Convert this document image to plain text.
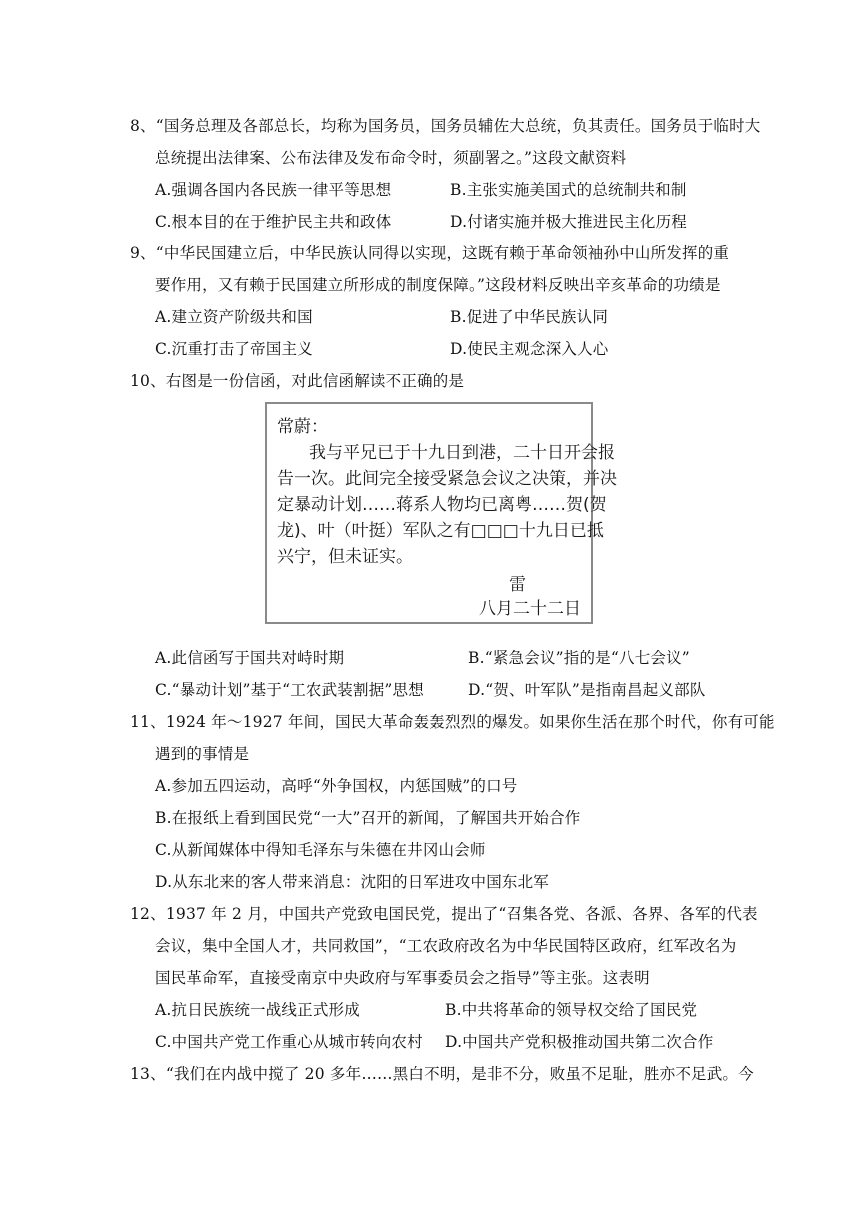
8、“国务总理及各部总长，均称为国务员，国务员辅佐大总统，负其责任。国务员于临时大
总统提出法律案、公布法律及发布命令时，须副署之。”这段文献资料
A.强调各国内各民族一律平等思想	B.主张实施美国式的总统制共和制
C.根本目的在于维护民主共和政体	D.付诸实施并极大推进民主化历程
9、“中华民国建立后，中华民族认同得以实现，这既有赖于革命领袖孙中山所发挥的重
要作用，又有赖于民国建立所形成的制度保障。”这段材料反映出辛亥革命的功绩是
A.建立资产阶级共和国	B.促进了中华民族认同
C.沉重打击了帝国主义	D.使民主观念深入人心
10、右图是一份信函，对此信函解读不正确的是
常蔚：
我与平兄已于十九日到港，二十日开会报
告一次。此间完全接受紧急会议之决策，并决
定暴动计划……蒋系人物均已离粤……贺(贺
龙)、叶（叶挺）军队之有□□□十九日已抵
兴宁，但未证实。
雷
八月二十二日
A.此信函写于国共对峙时期	B.“紧急会议”指的是“八七会议”
C.“暴动计划”基于“工农武装割据”思想	D.“贺、叶军队”是指南昌起义部队
11、1924 年～1927 年间，国民大革命轰轰烈烈的爆发。如果你生活在那个时代，你有可能
遇到的事情是
A.参加五四运动，高呼“外争国权，内惩国贼”的口号
B.在报纸上看到国民党“一大”召开的新闻，了解国共开始合作
C.从新闻媒体中得知毛泽东与朱德在井冈山会师
D.从东北来的客人带来消息：沈阳的日军进攻中国东北军
12、1937 年 2 月，中国共产党致电国民党，提出了“召集各党、各派、各界、各军的代表
会议，集中全国人才，共同救国”，“工农政府改名为中华民国特区政府，红军改名为
国民革命军，直接受南京中央政府与军事委员会之指导”等主张。这表明
A.抗日民族统一战线正式形成	B.中共将革命的领导权交给了国民党
C.中国共产党工作重心从城市转向农村 D.中国共产党积极推动国共第二次合作
13、“我们在内战中搅了 20 多年……黑白不明，是非不分，败虽不足耻，胜亦不足武。今
